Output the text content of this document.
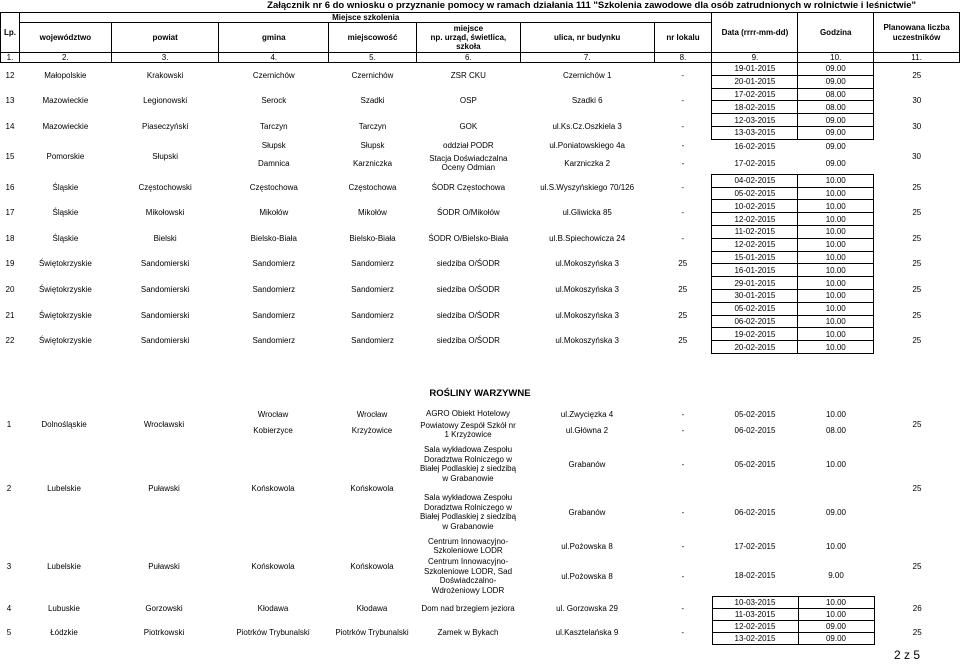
Załącznik nr 6 do wniosku o przyznanie pomocy w ramach działania 111 "Szkolenia zawodowe dla osób zatrudnionych w rolnictwie i leśnictwie"
Lp.	Miejsce szkolenia							Data (rrrr-mm-dd)	Godzina	Planowana liczba uczestników
	województwo	powiat	gmina	miejscowość	miejsce
np. urząd, świetlica,
szkoła	ulica, nr budynku	nr lokalu			
1.	2.	3.	4.	5.	6.	7.	8.	9.	10.	11.
12	Małopolskie	Krakowski	Czernichów	Czernichów	ZSR CKU	Czernichów 1	-	19-01-2015	09.00	25
								20-01-2015	09.00	
13	Mazowieckie	Legionowski	Serock	Szadki	OSP	Szadki 6	-	17-02-2015	08.00	30
								18-02-2015	08.00	
14	Mazowieckie	Piaseczyński	Tarczyn	Tarczyn	GOK	ul.Ks.Cz.Oszkiela 3	-	12-03-2015	09.00	30
								13-03-2015	09.00	
15	Pomorskie	Słupski	Słupsk	Słupsk	oddział PODR	ul.Poniatowskiego 4a	-	16-02-2015	09.00	30
			Damnica	Karzniczka	Stacja Doświadczalna Oceny Odmian	Karzniczka 2	-	17-02-2015	09.00	
16	Śląskie	Częstochowski	Częstochowa	Częstochowa	ŚODR Częstochowa	ul.S.Wyszyńskiego 70/126	-	04-02-2015	10.00	25
								05-02-2015	10.00	
17	Śląskie	Mikołowski	Mikołów	Mikołów	ŚODR O/Mikołów	ul.Gliwicka 85	-	10-02-2015	10.00	25
								12-02-2015	10.00	
18	Śląskie	Bielski	Bielsko-Biała	Bielsko-Biała	ŚODR O/Bielsko-Biała	ul.B.Spiechowicza 24	-	11-02-2015	10.00	25
								12-02-2015	10.00	
19	Świętokrzyskie	Sandomierski	Sandomierz	Sandomierz	siedziba O/ŚODR	ul.Mokoszyńska 3	25	15-01-2015	10.00	25
								16-01-2015	10.00	
20	Świętokrzyskie	Sandomierski	Sandomierz	Sandomierz	siedziba O/ŚODR	ul.Mokoszyńska 3	25	29-01-2015	10.00	25
								30-01-2015	10.00	
21	Świętokrzyskie	Sandomierski	Sandomierz	Sandomierz	siedziba O/ŚODR	ul.Mokoszyńska 3	25	05-02-2015	10.00	25
								06-02-2015	10.00	
22	Świętokrzyskie	Sandomierski	Sandomierz	Sandomierz	siedziba O/ŚODR	ul.Mokoszyńska 3	25	19-02-2015	10.00	25
								20-02-2015	10.00	
ROŚLINY WARZYWNE
1	Dolnośląskie	Wrocławski	Wrocław	Wrocław	AGRO Obiekt Hotelowy	ul.Zwycięzka 4	-	05-02-2015	10.00	25
			Kobierzyce	Krzyżowice	Powiatowy Zespół Szkół nr 1 Krzyżowice	ul.Główna 2	-	06-02-2015	08.00	
2	Lubelskie	Puławski	Końskowola	Końskowola	Sala wykładowa Zespołu Doradztwa Rolniczego w Białej Podlaskiej z siedzibą w Grabanowie	Grabanów	-	05-02-2015	10.00	25
					Sala wykładowa Zespołu Doradztwa Rolniczego w Białej Podlaskiej z siedzibą w Grabanowie	Grabanów	-	06-02-2015	09.00	
3	Lubelskie	Puławski	Końskowola	Końskowola	Centrum Innowacyjno-Szkoleniowe LODR	ul.Pożowska 8	-	17-02-2015	10.00	25
					Centrum Innowacyjno-Szkoleniowe LODR, Sad Doświadczalno-Wdrożeniowy LODR	ul.Pożowska 8	-	18-02-2015	9.00	
4	Lubuskie	Gorzowski	Kłodawa	Kłodawa	Dom nad brzegiem jeziora	ul. Gorzowska 29	-	10-03-2015	10.00	26
								11-03-2015	10.00	
5	Łódzkie	Piotrkowski	Piotrków Trybunalski	Piotrków Trybunalski	Zamek w Bykach	ul.Kasztelańska 9	-	12-02-2015	09.00	25
								13-02-2015	09.00	
2 z 5
